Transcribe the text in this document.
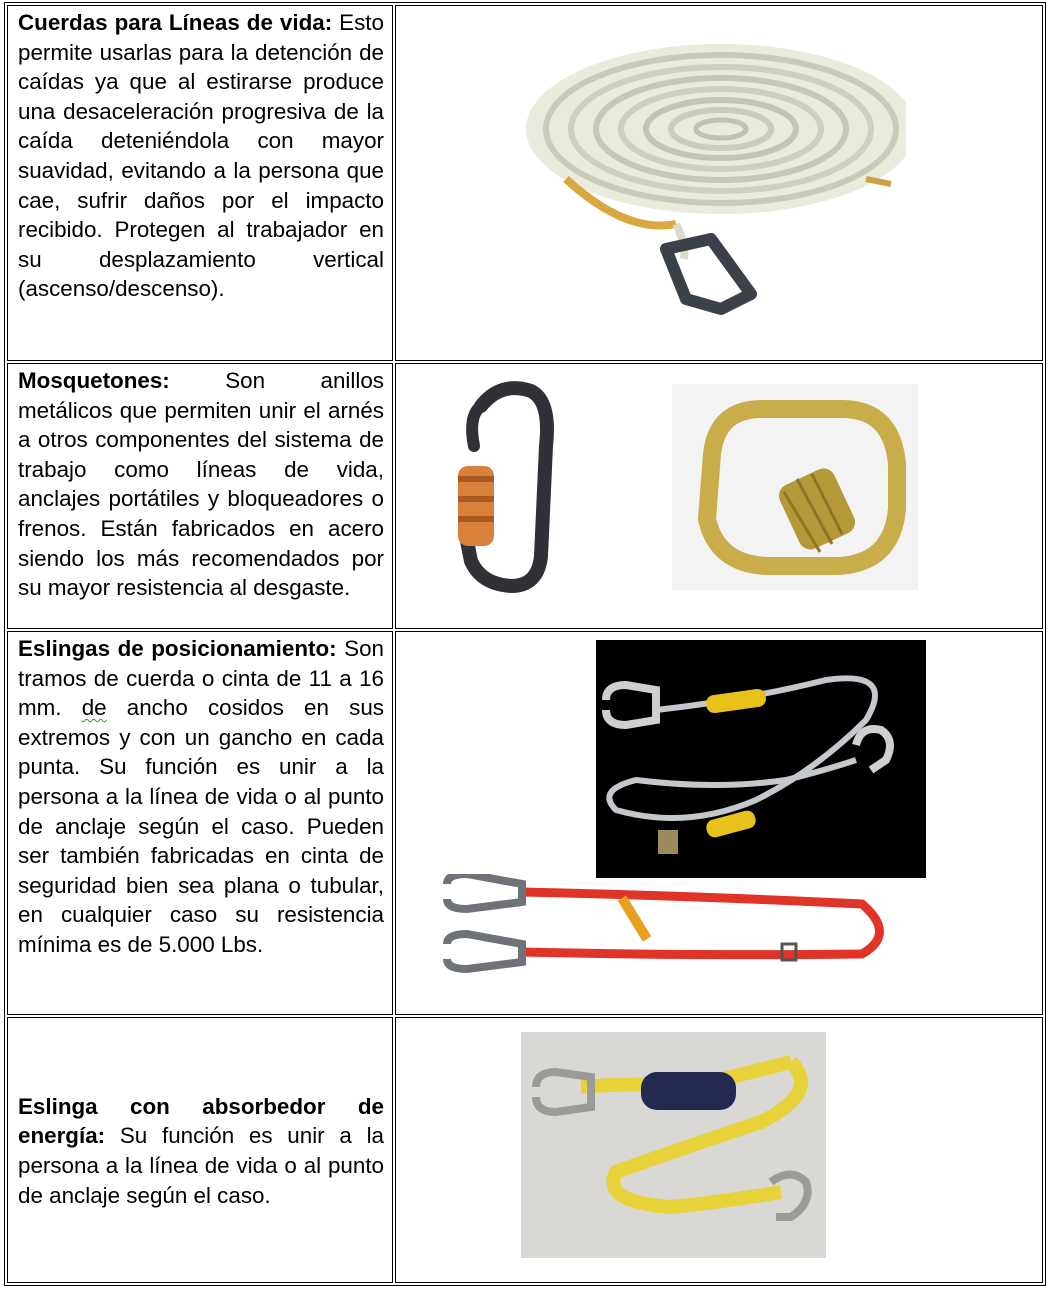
Cuerdas para Líneas de vida: Esto permite usarlas para la detención de caídas ya que al estirarse produce una desaceleración progresiva de la caída deteniéndola con mayor suavidad, evitando a la persona que cae, sufrir daños por el impacto recibido. Protegen al trabajador en su desplazamiento vertical (ascenso/descenso).	

Mosquetones: Son anillos metálicos que permiten unir el arnés a otros componentes del sistema de trabajo como líneas de vida, anclajes portátiles y bloqueadores o frenos. Están fabricados en acero siendo los más recomendados por su mayor resistencia al desgaste.	

Eslingas de posicionamiento: Son tramos de cuerda o cinta de 11 a 16 mm. de ancho cosidos en sus extremos y con un gancho en cada punta. Su función es unir a la persona a la línea de vida o al punto de anclaje según el caso. Pueden ser también fabricadas en cinta de seguridad bien sea plana o tubular, en cualquier caso su resistencia mínima es de 5.000 Lbs.	

Eslinga con absorbedor de energía: Su función es unir a la persona a la línea de vida o al punto de anclaje según el caso.	
